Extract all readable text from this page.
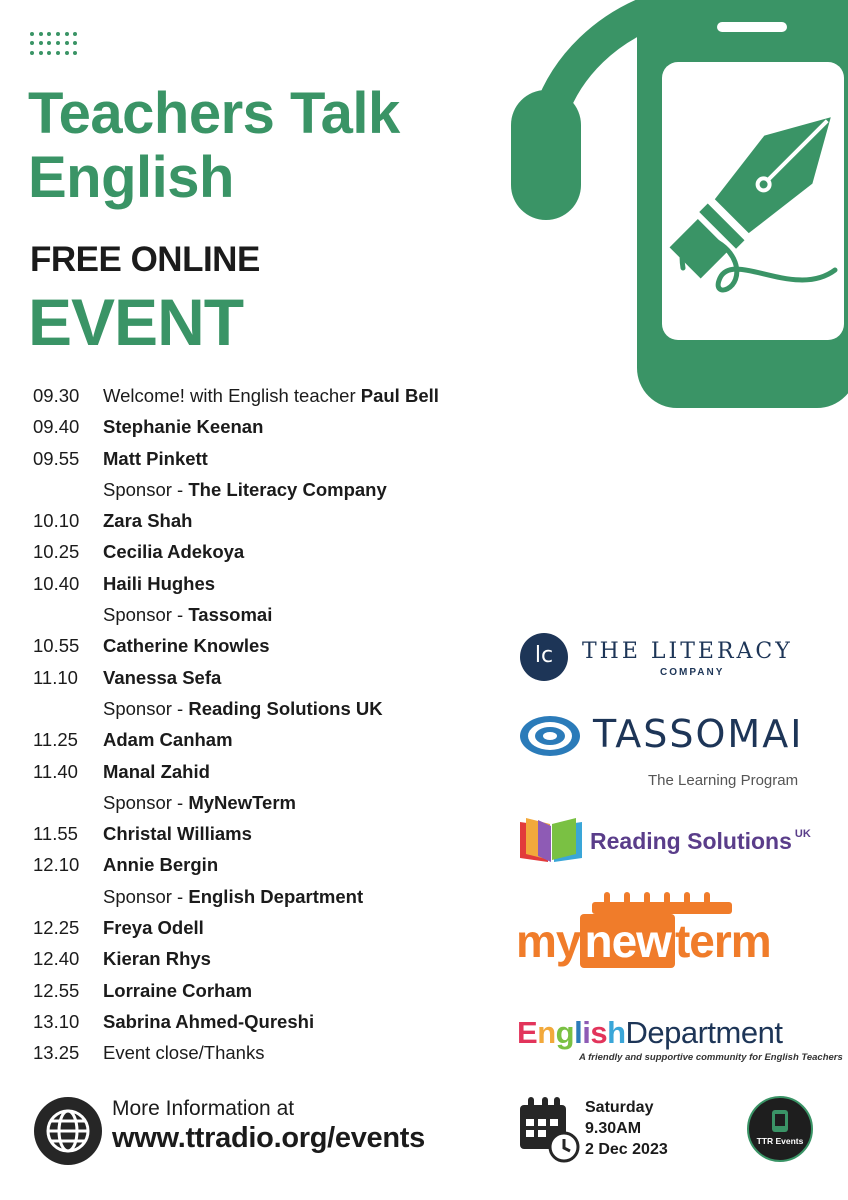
Teachers Talk
English
FREE ONLINE
EVENT
09.30	Welcome! with English teacher Paul Bell
09.40	Stephanie Keenan
09.55	Matt Pinkett
Sponsor - The Literacy Company
10.10	Zara Shah
10.25	Cecilia Adekoya
10.40	Haili Hughes
Sponsor - Tassomai
10.55	Catherine Knowles
11.10	Vanessa Sefa
Sponsor - Reading Solutions UK
11.25	Adam Canham
11.40	Manal Zahid
Sponsor - MyNewTerm
11.55	Christal Williams
12.10	Annie Bergin
Sponsor - English Department
12.25	Freya Odell
12.40	Kieran Rhys
12.55	Lorraine Corham
13.10	Sabrina Ahmed-Qureshi
13.25	Event close/Thanks
lc	THE LITERACY
COMPANY
TASSOMAI
The Learning Program
Reading Solutions $^{UK}$
mynewterm
EnglishDepartment
A friendly and supportive community for English Teachers
More Information at
www.ttradio.org/events
Saturday
9.30AM
2 Dec 2023	TTR Events
